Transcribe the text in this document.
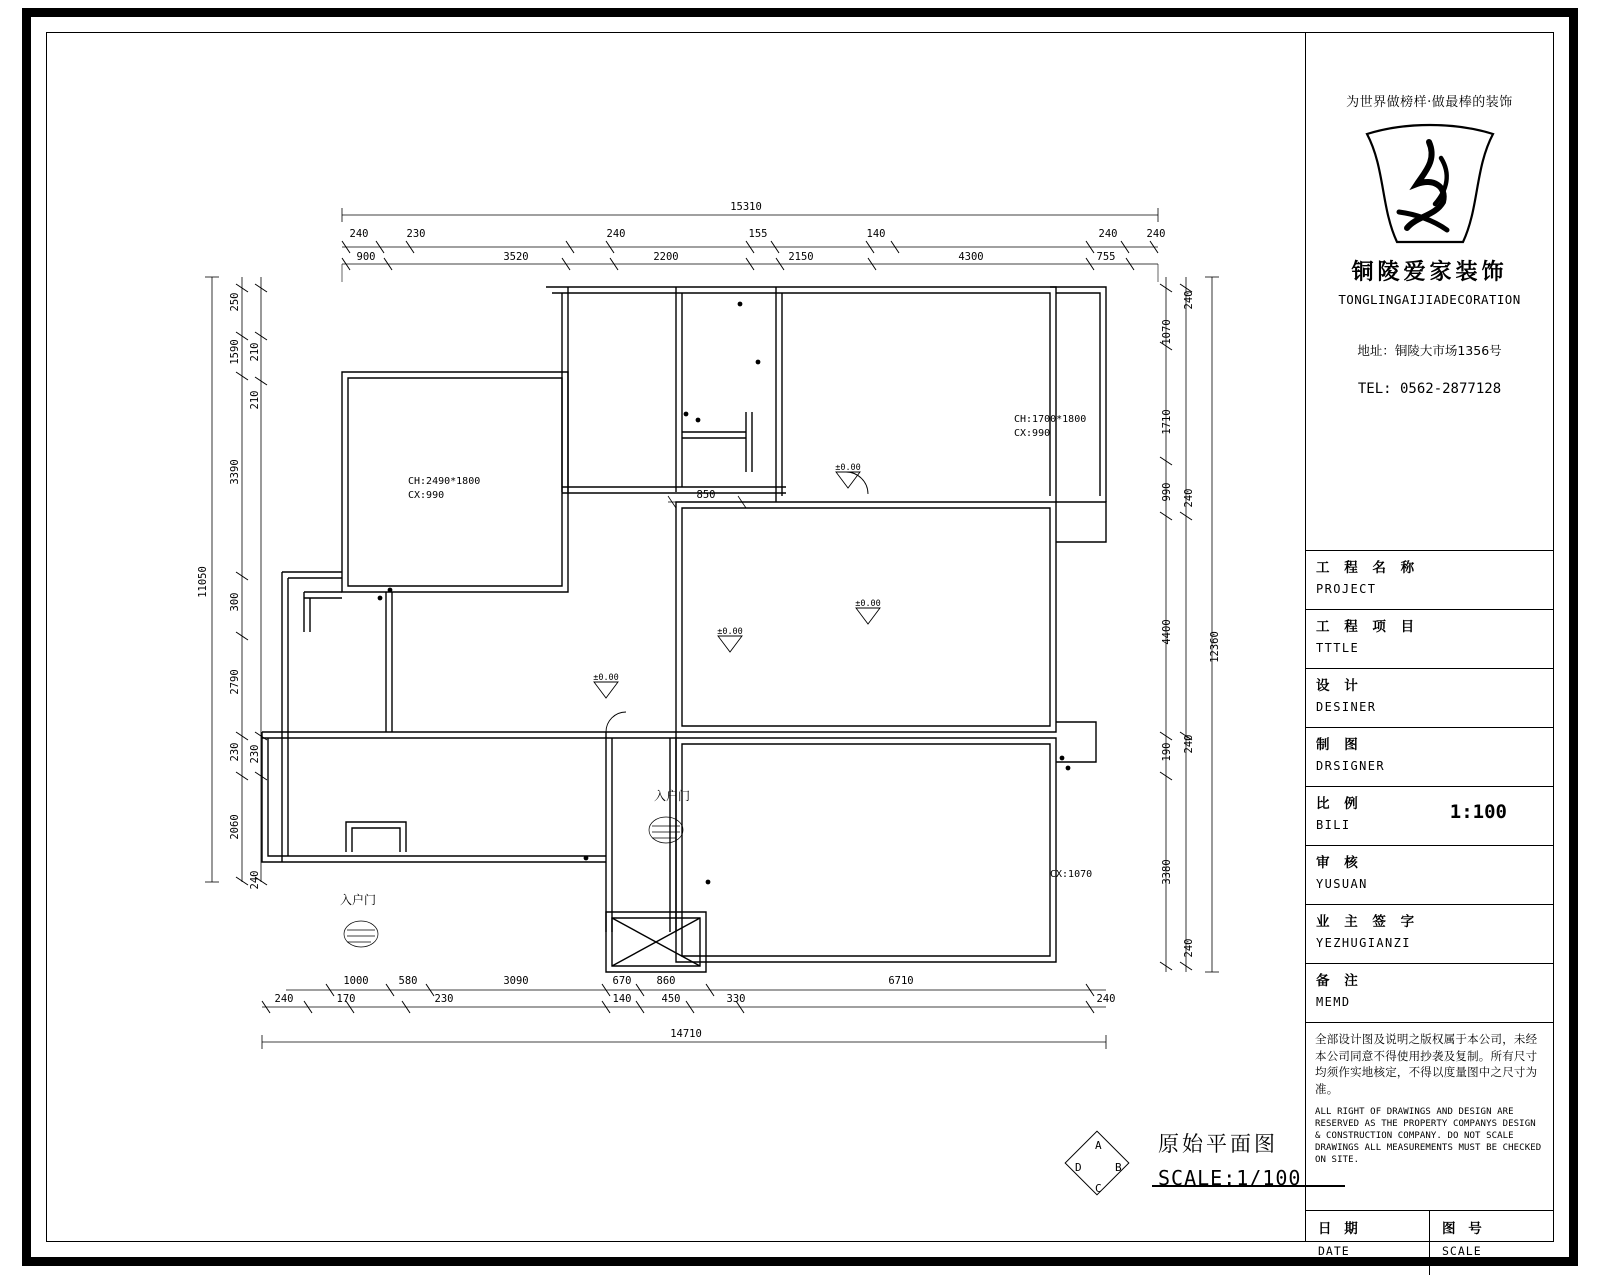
15310
240	230	240	155	140	240	240
900	3520	2200	2150	4300	755
14710
1000	580	3090	670 860	6710
240	170	230	140	450	330	240
11050
12360
250
1590
3390
300
2790
230
2060
210
210
230
240
1070
1710
990
4400
190
3380
240
240
240
240
850
CH:2490*1800
CX:990
CH:1700*1800
CX:990
CX:1070
入户门
入户门
±0.00
±0.00
±0.00
±0.00
为世界做榜样·做最棒的装饰
铜陵爱家装饰
TONGLINGAIJIADECORATION
地址：铜陵大市场1356号
TEL: 0562-2877128
工 程 名 称
PROJECT
工 程 项 目
TTTLE
设 计
DESINER
制 图
DRSIGNER
比 例
BILI
1:100
审 核
YUSUAN
业 主 签 字
YEZHUGIANZI
备 注
MEMD
全部设计图及说明之版权属于本公司，未经本公司同意不得使用抄袭及复制。所有尺寸均须作实地核定，不得以度量图中之尺寸为准。
ALL RIGHT OF DRAWINGS AND DESIGN ARE RESERVED AS THE PROPERTY COMPANYS DESIGN & CONSTRUCTION COMPANY. DO NOT SCALE DRAWINGS ALL MEASUREMENTS MUST BE CHECKED ON SITE.
日 期
DATE
图 号
SCALE
A
B
C
D
原始平面图
SCALE:1/100
